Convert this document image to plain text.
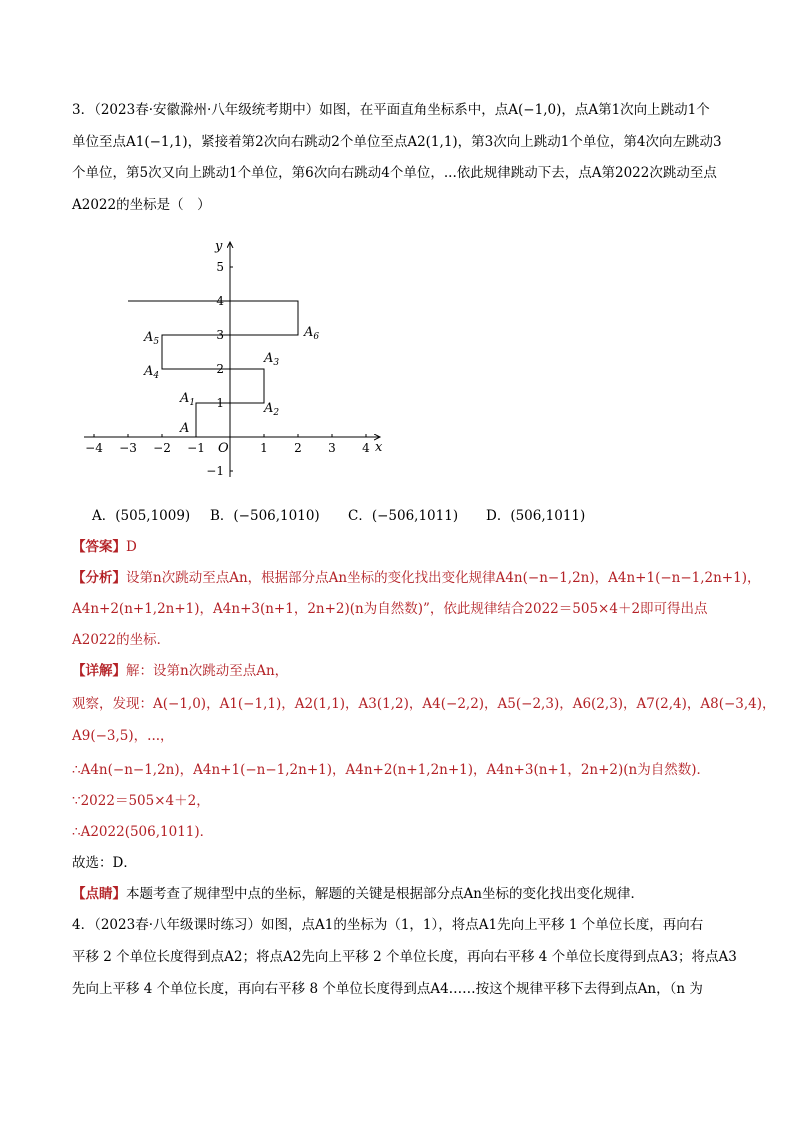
3．（2023春·安徽滁州·八年级统考期中）如图，在平面直角坐标系中，点A(−1,0)，点A第1次向上跳动1个
单位至点A1(−1,1)，紧接着第2次向右跳动2个单位至点A2(1,1)，第3次向上跳动1个单位，第4次向左跳动3
个单位，第5次又向上跳动1个单位，第6次向右跳动4个单位，...依此规律跳动下去，点A第2022次跳动至点
A2022的坐标是（　）
−4 −3 −2 −1	1 2 3 4
−1
1
2
3
4
5
x
y
O
A
$A_1$	$A_2$
$A_3$
$A_4$
$A_5$
$A_6$
A．(505,1009) B．(−506,1010) C．(−506,1011) D．(506,1011)
【答案】D
【分析】设第n次跳动至点An，根据部分点An坐标的变化找出变化规律A4n(−n−1,2n)，A4n+1(−n−1,2n+1)，
A4n+2(n+1,2n+1)，A4n+3(n+1，2n+2)(n为自然数)”，依此规律结合2022＝505×4＋2即可得出点
A2022的坐标．
【详解】解：设第n次跳动至点An，
观察，发现：A(−1,0)，A1(−1,1)，A2(1,1)，A3(1,2)，A4(−2,2)，A5(−2,3)，A6(2,3)，A7(2,4)，A8(−3,4)，
A9(−3,5)，...，
∴A4n(−n−1,2n)，A4n+1(−n−1,2n+1)，A4n+2(n+1,2n+1)，A4n+3(n+1，2n+2)(n为自然数)．
∵2022＝505×4＋2，
∴A2022(506,1011)．
故选：D．
【点睛】本题考查了规律型中点的坐标，解题的关键是根据部分点An坐标的变化找出变化规律．
4．（2023春·八年级课时练习）如图，点A1的坐标为（1，1），将点A1先向上平移 1 个单位长度，再向右
平移 2 个单位长度得到点A2；将点A2先向上平移 2 个单位长度，再向右平移 4 个单位长度得到点A3；将点A3
先向上平移 4 个单位长度，再向右平移 8 个单位长度得到点A4……按这个规律平移下去得到点An，（n 为
